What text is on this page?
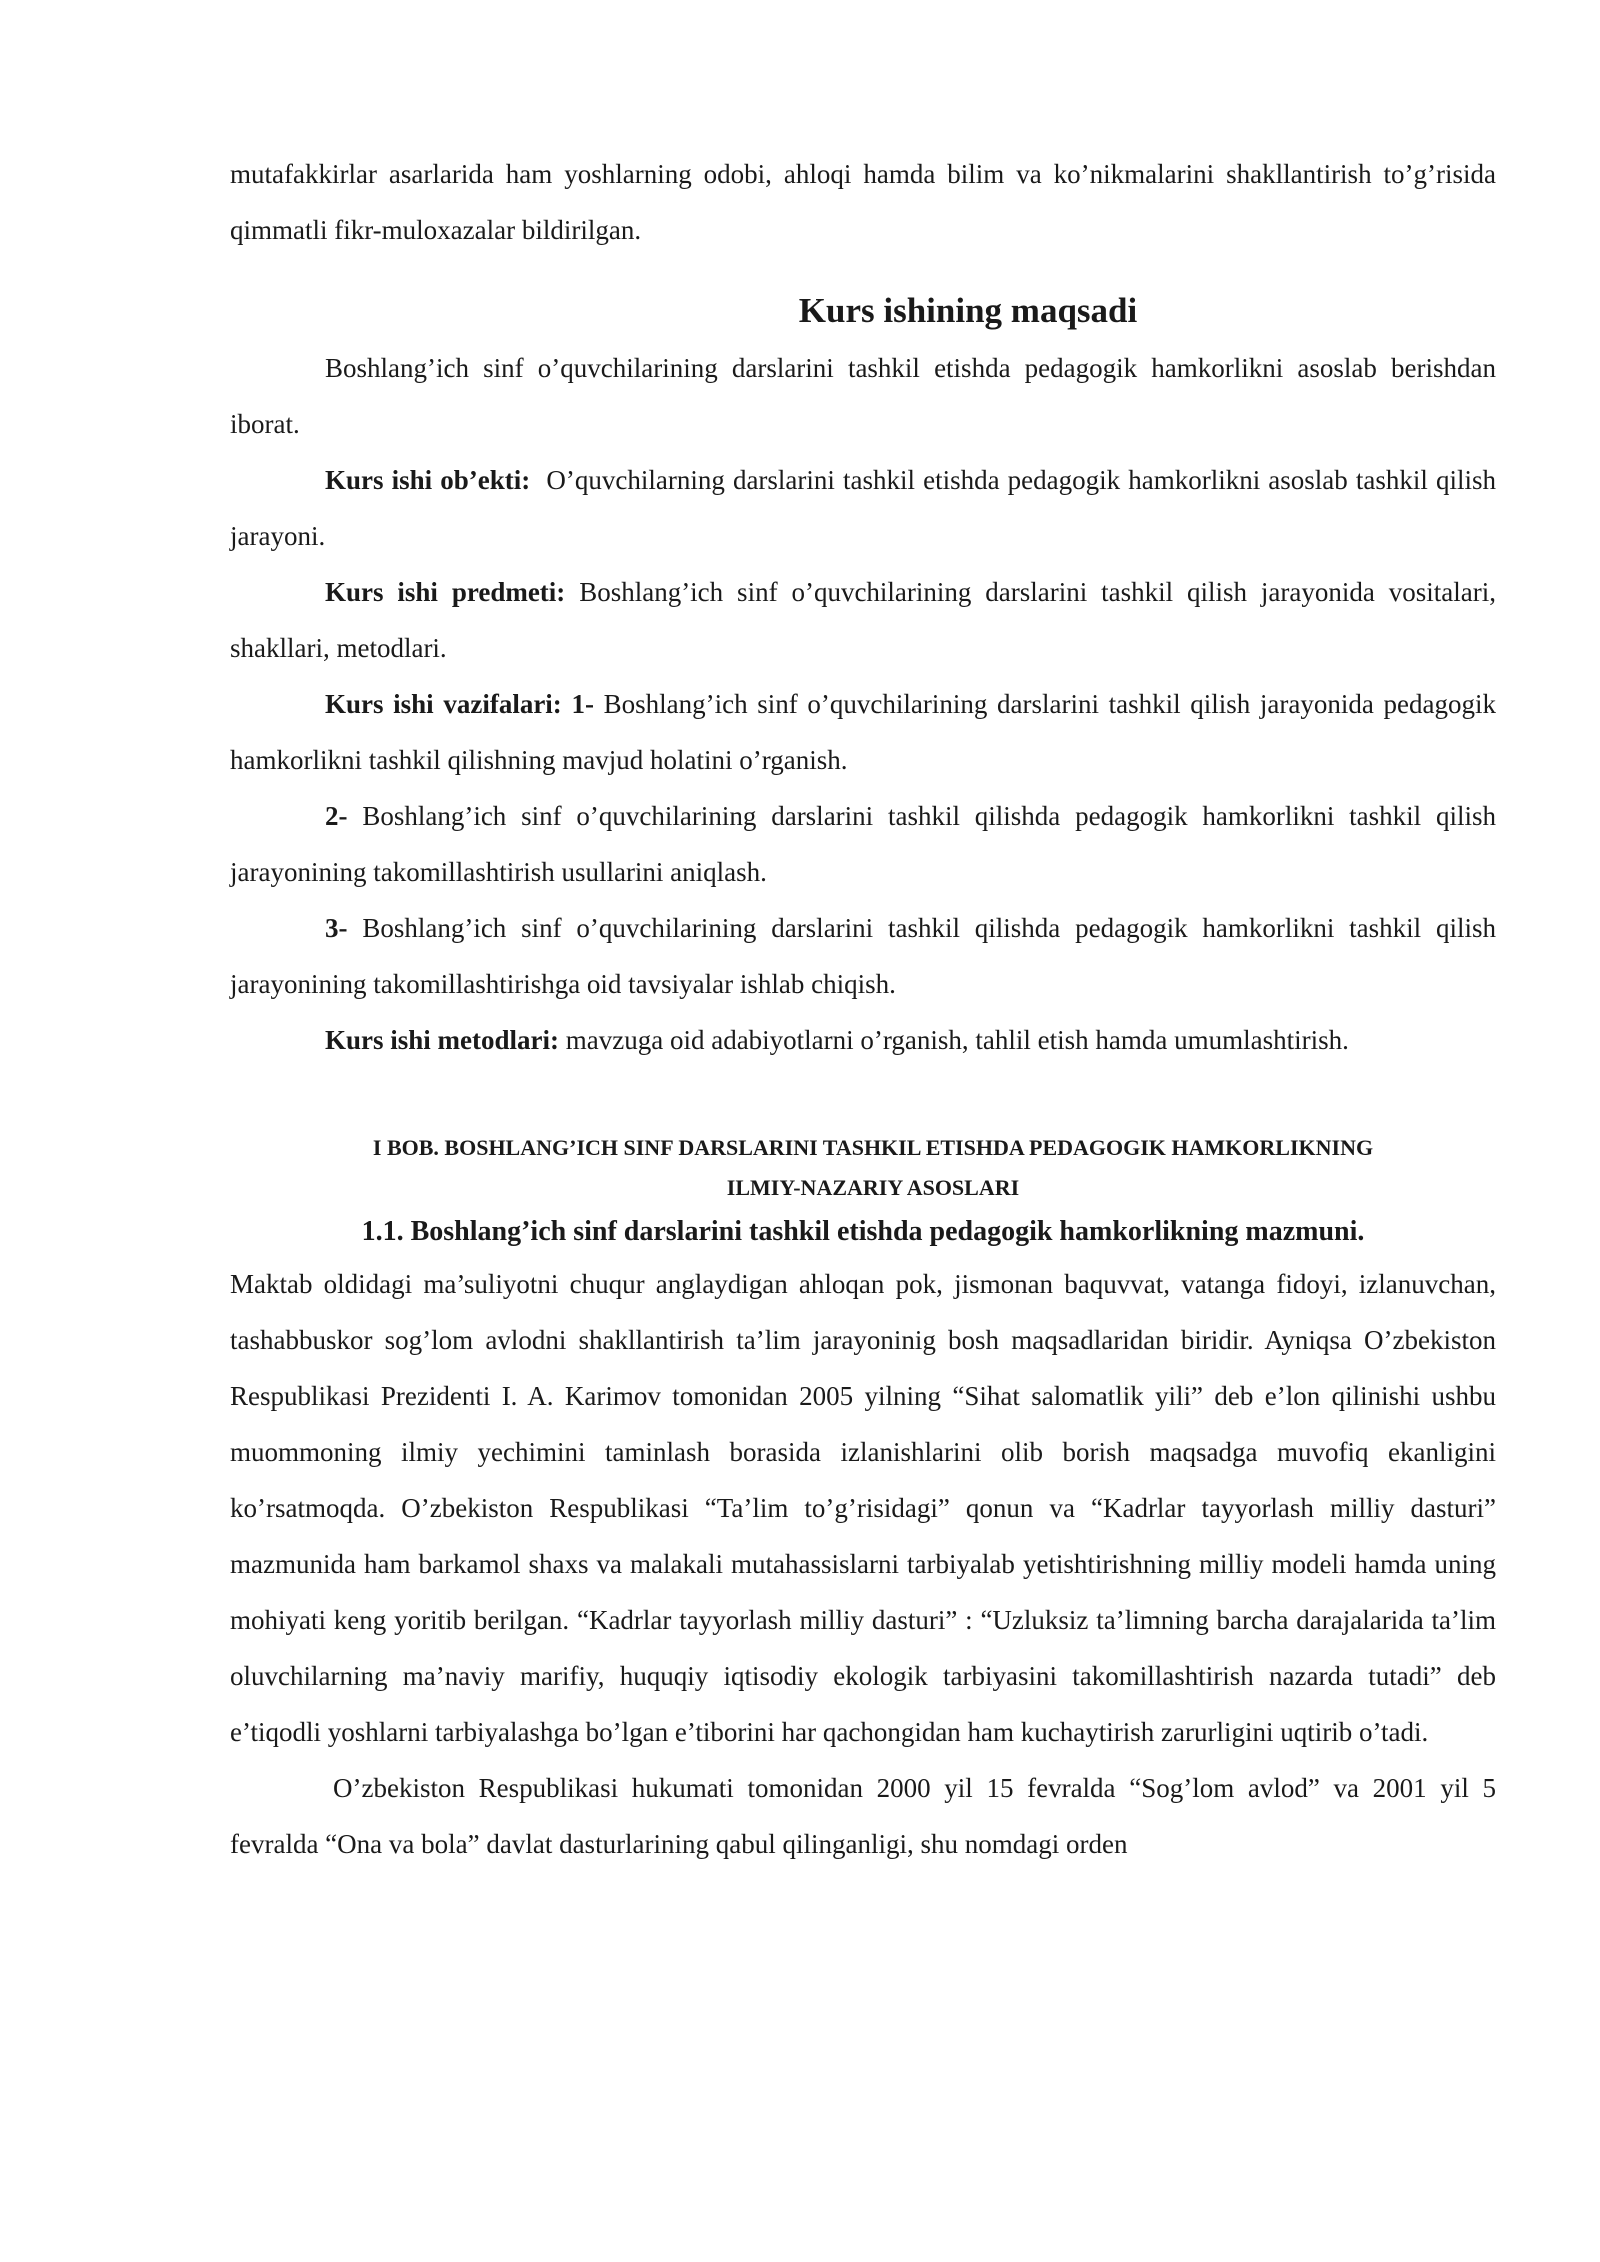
mutafakkirlar asarlarida ham yoshlarning odobi, ahloqi hamda bilim va ko’nikmalarini shakllantirish to’g’risida qimmatli fikr-muloxazalar bildirilgan.

Kurs ishining maqsadi

Boshlang’ich sinf o’quvchilarining darslarini tashkil etishda pedagogik hamkorlikni asoslab berishdan iborat.

Kurs ishi ob’ekti: O’quvchilarning darslarini tashkil etishda pedagogik hamkorlikni asoslab tashkil qilish jarayoni.

Kurs ishi predmeti: Boshlang’ich sinf o’quvchilarining darslarini tashkil qilish jarayonida vositalari, shakllari, metodlari.

Kurs ishi vazifalari: 1- Boshlang’ich sinf o’quvchilarining darslarini tashkil qilish jarayonida pedagogik hamkorlikni tashkil qilishning mavjud holatini o’rganish.

2- Boshlang’ich sinf o’quvchilarining darslarini tashkil qilishda pedagogik hamkorlikni tashkil qilish jarayonining takomillashtirish usullarini aniqlash.

3- Boshlang’ich sinf o’quvchilarining darslarini tashkil qilishda pedagogik hamkorlikni tashkil qilish jarayonining takomillashtirishga oid tavsiyalar ishlab chiqish.

Kurs ishi metodlari: mavzuga oid adabiyotlarni o’rganish, tahlil etish hamda umumlashtirish.

I BOB. BOSHLANG’ICH SINF DARSLARINI TASHKIL ETISHDA PEDAGOGIK HAMKORLIKNING
ILMIY-NAZARIY ASOSLARI
1.1. Boshlang’ich sinf darslarini tashkil etishda pedagogik hamkorlikning mazmuni.

Maktab oldidagi ma’suliyotni chuqur anglaydigan ahloqan pok, jismonan baquvvat, vatanga fidoyi, izlanuvchan, tashabbuskor sog’lom avlodni shakllantirish ta’lim jarayoninig bosh maqsadlaridan biridir. Ayniqsa O’zbekiston Respublikasi Prezidenti I. A. Karimov tomonidan 2005 yilning “Sihat salomatlik yili” deb e’lon qilinishi ushbu muommoning ilmiy yechimini taminlash borasida izlanishlarini olib borish maqsadga muvofiq ekanligini ko’rsatmoqda. O’zbekiston Respublikasi “Ta’lim to’g’risidagi” qonun va “Kadrlar tayyorlash milliy dasturi” mazmunida ham barkamol shaxs va malakali mutahassislarni tarbiyalab yetishtirishning milliy modeli hamda uning mohiyati keng yoritib berilgan. “Kadrlar tayyorlash milliy dasturi” : “Uzluksiz ta’limning barcha darajalarida ta’lim oluvchilarning ma’naviy marifiy, huquqiy iqtisodiy ekologik tarbiyasini takomillashtirish nazarda tutadi” deb e’tiqodli yoshlarni tarbiyalashga bo’lgan e’tiborini har qachongidan ham kuchaytirish zarurligini uqtirib o’tadi.

O’zbekiston Respublikasi hukumati tomonidan 2000 yil 15 fevralda “Sog’lom avlod” va 2001 yil 5 fevralda “Ona va bola” davlat dasturlarining qabul qilinganligi, shu nomdagi orden
